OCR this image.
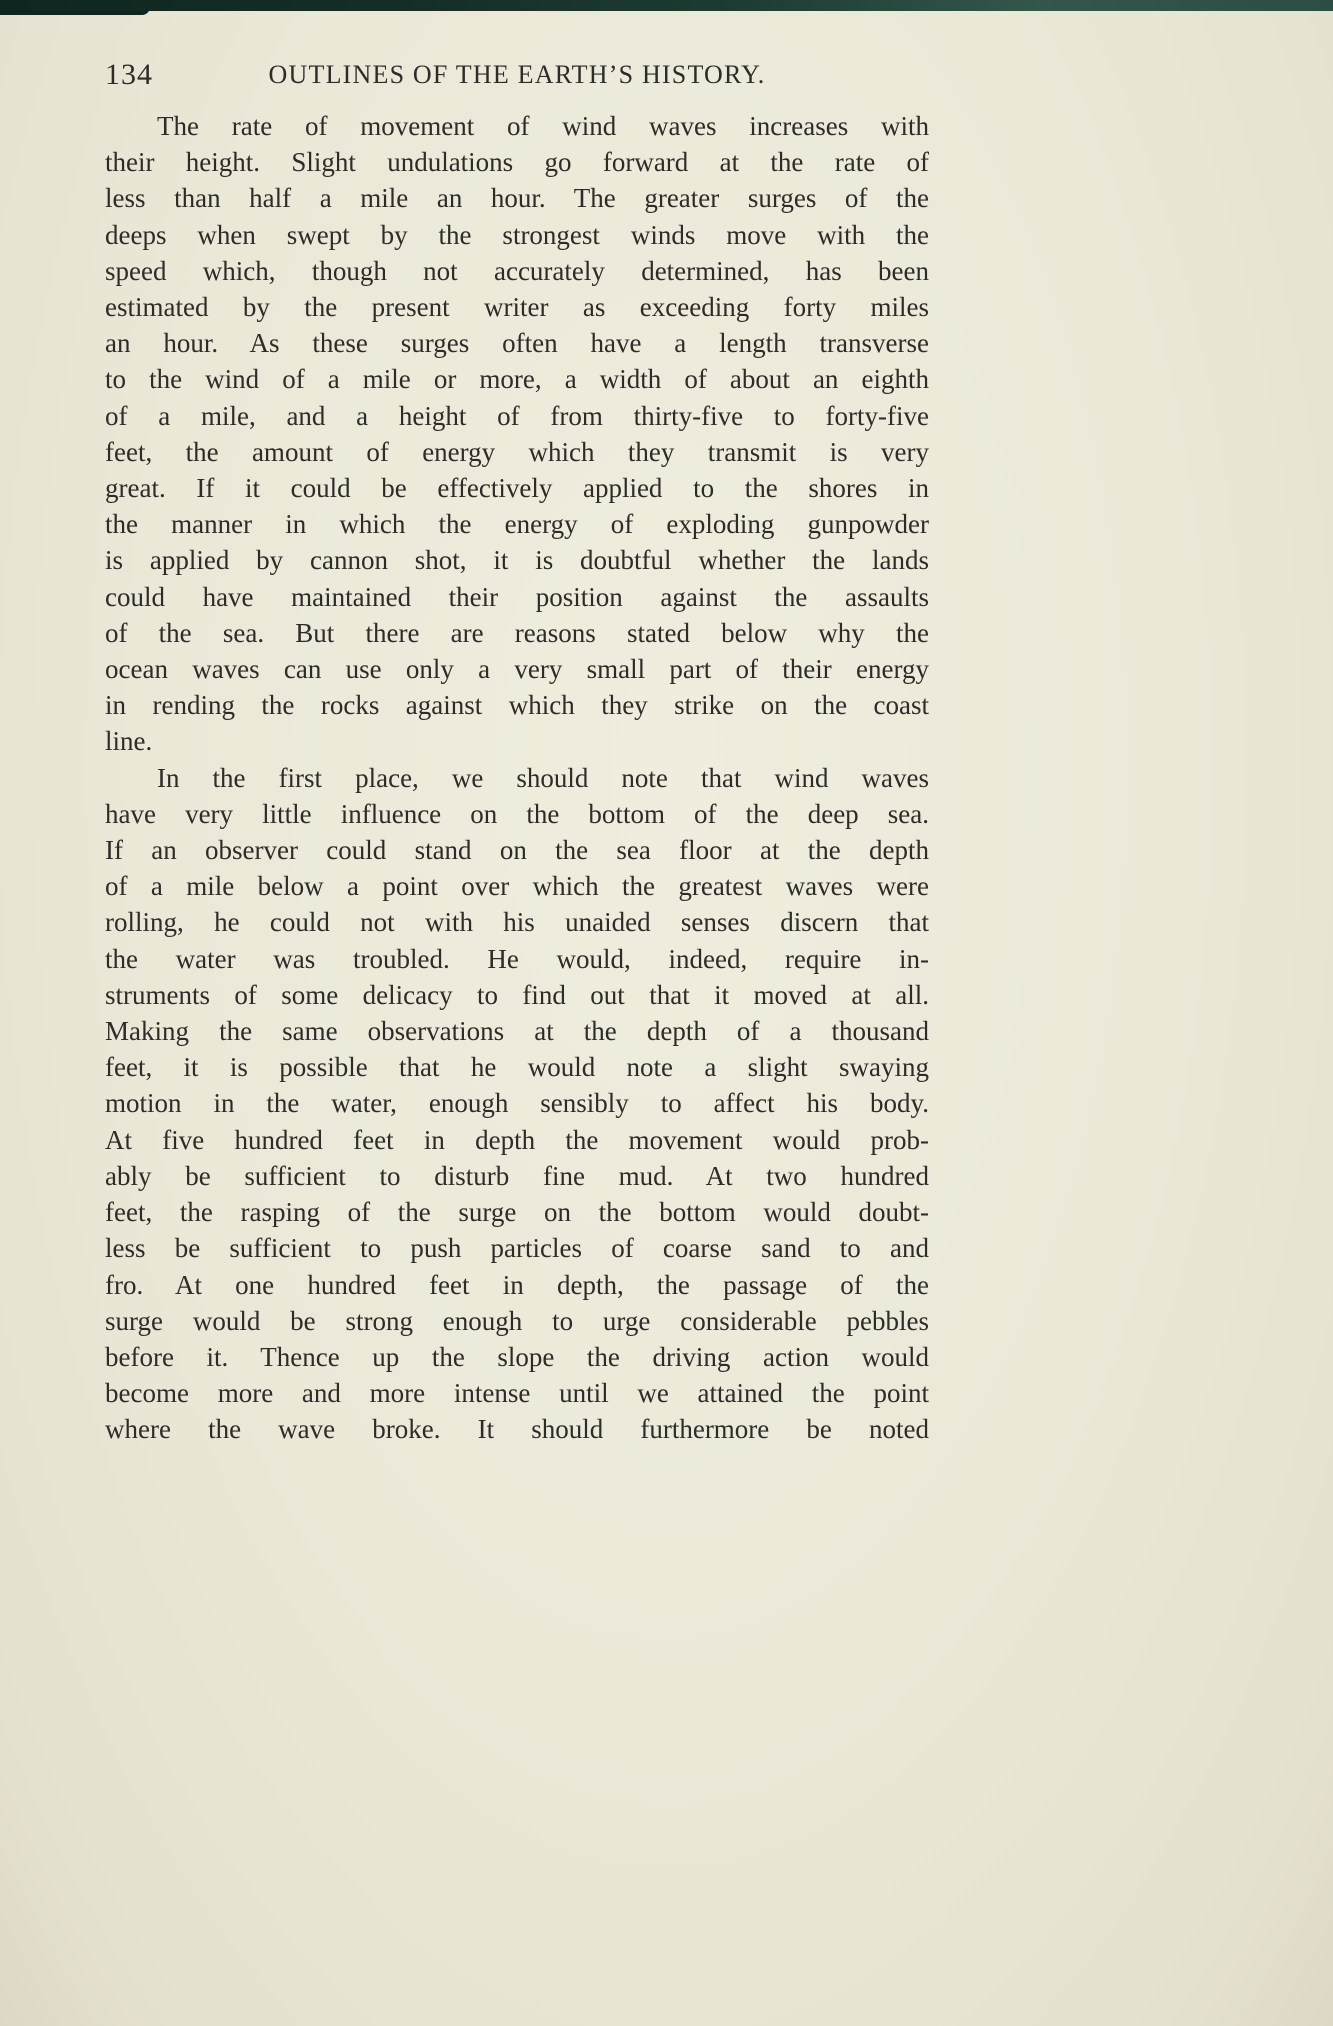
134	OUTLINES OF THE EARTH’S HISTORY.
The rate of movement of wind waves increases with
their height. Slight undulations go forward at the rate of
less than half a mile an hour. The greater surges of the
deeps when swept by the strongest winds move with the
speed which, though not accurately determined, has been
estimated by the present writer as exceeding forty miles
an hour. As these surges often have a length transverse
to the wind of a mile or more, a width of about an eighth
of a mile, and a height of from thirty-five to forty-five
feet, the amount of energy which they transmit is very
great. If it could be effectively applied to the shores in
the manner in which the energy of exploding gunpowder
is applied by cannon shot, it is doubtful whether the lands
could have maintained their position against the assaults
of the sea. But there are reasons stated below why the
ocean waves can use only a very small part of their energy
in rending the rocks against which they strike on the coast
line.
In the first place, we should note that wind waves
have very little influence on the bottom of the deep sea.
If an observer could stand on the sea floor at the depth
of a mile below a point over which the greatest waves were
rolling, he could not with his unaided senses discern that
the water was troubled. He would, indeed, require in-
struments of some delicacy to find out that it moved at all.
Making the same observations at the depth of a thousand
feet, it is possible that he would note a slight swaying
motion in the water, enough sensibly to affect his body.
At five hundred feet in depth the movement would prob-
ably be sufficient to disturb fine mud. At two hundred
feet, the rasping of the surge on the bottom would doubt-
less be sufficient to push particles of coarse sand to and
fro. At one hundred feet in depth, the passage of the
surge would be strong enough to urge considerable pebbles
before it. Thence up the slope the driving action would
become more and more intense until we attained the point
where the wave broke. It should furthermore be noted
